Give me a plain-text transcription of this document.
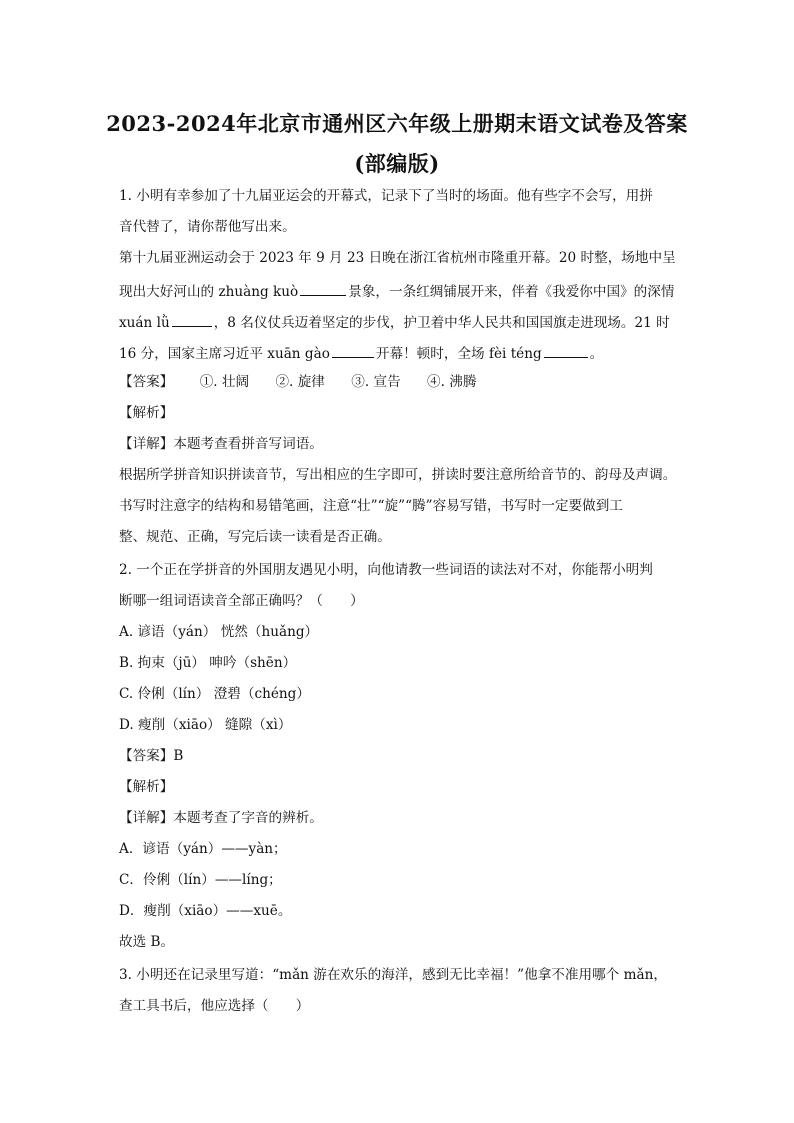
2023-2024年北京市通州区六年级上册期末语文试卷及答案
(部编版)
1. 小明有幸参加了十九届亚运会的开幕式，记录下了当时的场面。他有些字不会写，用拼
音代替了，请你帮他写出来。
第十九届亚洲运动会于 2023 年 9 月 23 日晚在浙江省杭州市隆重开幕。20 时整，场地中呈
现出大好河山的 zhuàng kuò	景象，一条红绸铺展开来，伴着《我爱你中国》的深情
xuán lǜ	，8 名仪仗兵迈着坚定的步伐，护卫着中华人民共和国国旗走进现场。21 时
16 分，国家主席习近平 xuān gào	开幕！顿时，全场 fèi téng	。
【答案】 ①. 壮阔 ②. 旋律 ③. 宣告 ④. 沸腾
【解析】
【详解】本题考查看拼音写词语。
根据所学拼音知识拼读音节，写出相应的生字即可，拼读时要注意所给音节的、韵母及声调。
书写时注意字的结构和易错笔画，注意“壮”“旋”“腾”容易写错，书写时一定要做到工
整、规范、正确，写完后读一读看是否正确。
2. 一个正在学拼音的外国朋友遇见小明，向他请教一些词语的读法对不对，你能帮小明判
断哪一组词语读音全部正确吗？（　　）
A. 谚语（yán） 恍然（huǎng）
B. 拘束（jū） 呻吟（shēn）
C. 伶俐（lín） 澄碧（chéng）
D. 瘦削（xiāo） 缝隙（xì）
【答案】B
【解析】
【详解】本题考查了字音的辨析。
A．谚语（yán）——yàn；
C．伶俐（lín）——líng；
D．瘦削（xiāo）——xuē。
故选 B。
3. 小明还在记录里写道：“mǎn 游在欢乐的海洋，感到无比幸福！”他拿不准用哪个 mǎn，
查工具书后，他应选择（　　）
